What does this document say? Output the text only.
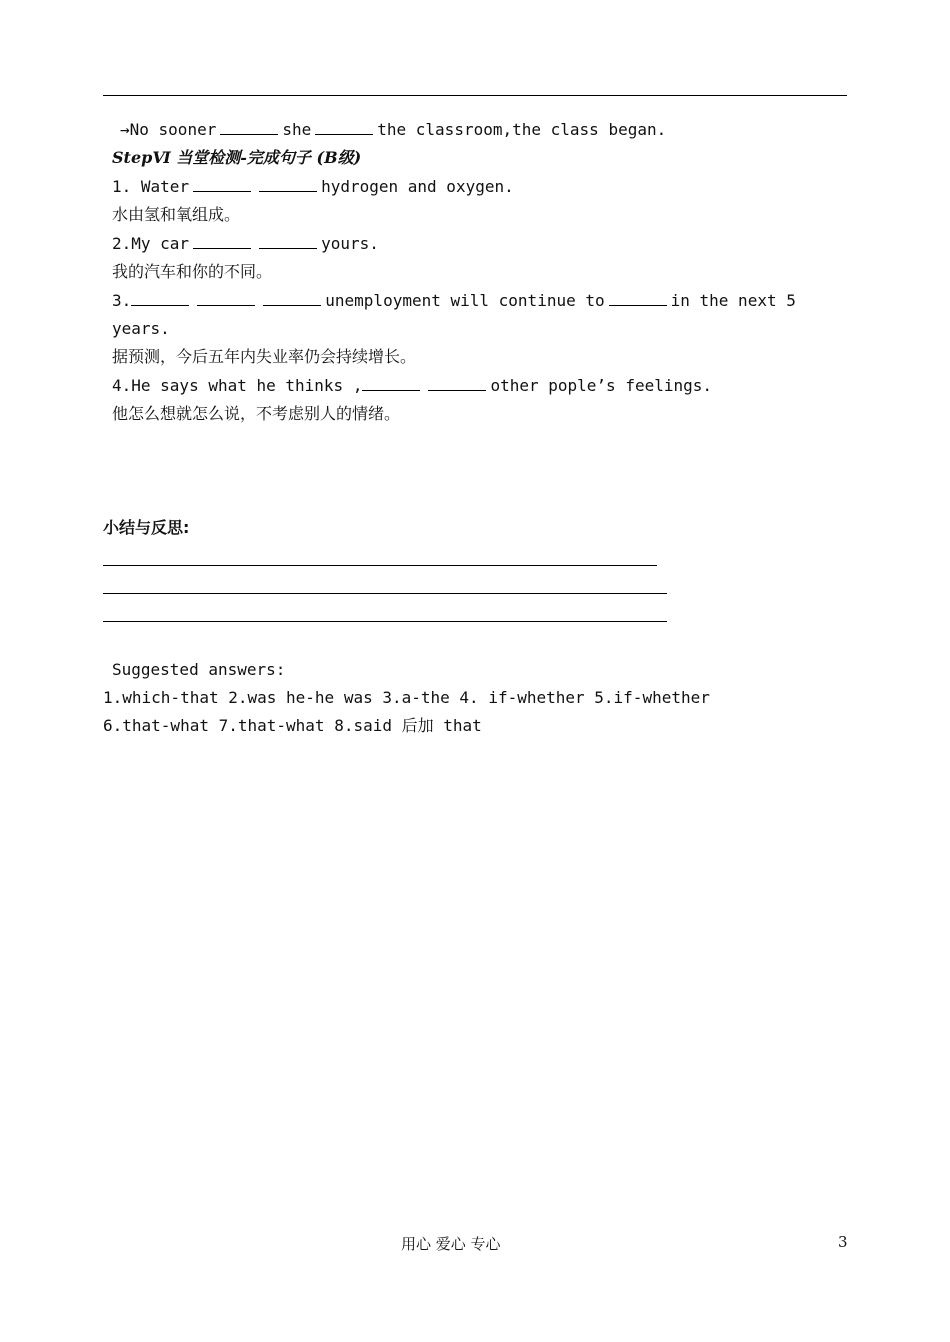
→No sooner	she	the classroom,the class began.
StepⅥ 当堂检测-完成句子 (B级)
1. Water	hydrogen and oxygen.
水由氢和氧组成。
2.My car	yours.
我的汽车和你的不同。
3.	unemployment will continue to	in the next 5
years.
据预测，今后五年内失业率仍会持续增长。
4.He says what he thinks ,	other pople’s feelings.
他怎么想就怎么说，不考虑别人的情绪。
小结与反思:
Suggested answers:
1.which-that 2.was he-he was 3.a-the 4. if-whether 5.if-whether
6.that-what 7.that-what 8.said 后加 that
用心 爱心 专心	3
